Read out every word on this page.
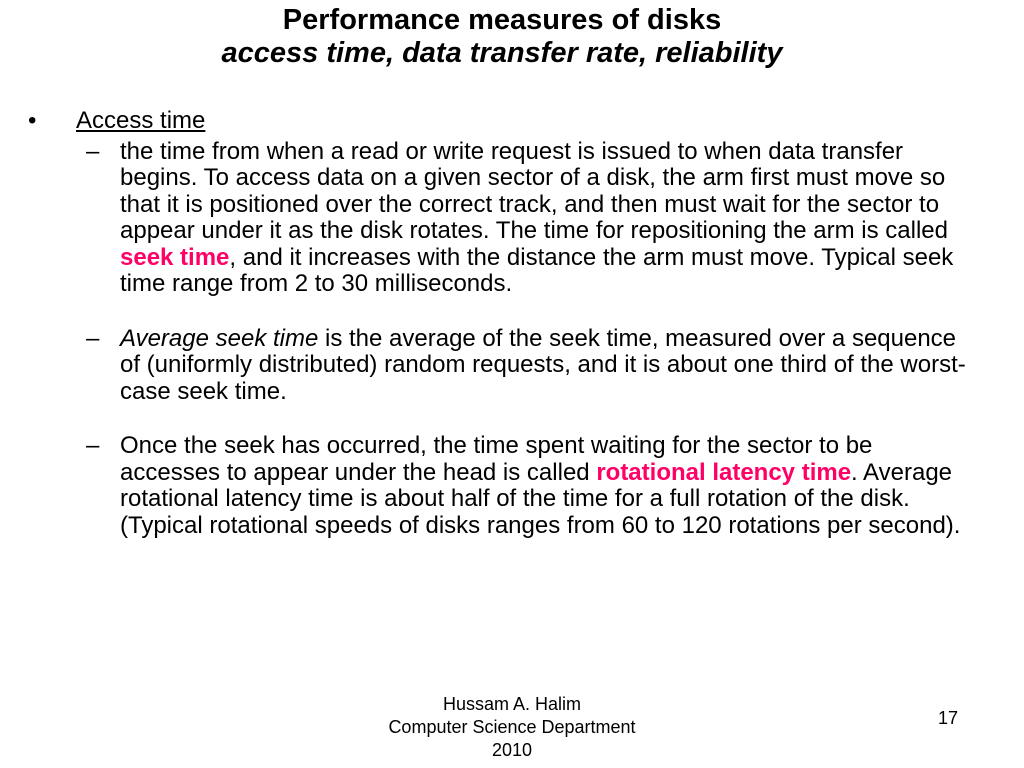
Performance measures of disks
access time, data transfer rate, reliability
• Access time
– the time from when a read or write request is issued to when data transfer begins. To access data on a given sector of a disk, the arm first must move so that it is positioned over the correct track, and then must wait for the sector to appear under it as the disk rotates. The time for repositioning the arm is called seek time, and it increases with the distance the arm must move. Typical seek time range from 2 to 30 milliseconds.
– Average seek time is the average of the seek time, measured over a sequence of (uniformly distributed) random requests, and it is about one third of the worst-case seek time.
– Once the seek has occurred, the time spent waiting for the sector to be accesses to appear under the head is called rotational latency time. Average rotational latency time is about half of the time for a full rotation of the disk. (Typical rotational speeds of disks ranges from 60 to 120 rotations per second).
Hussam A. Halim
Computer Science Department
2010
17
